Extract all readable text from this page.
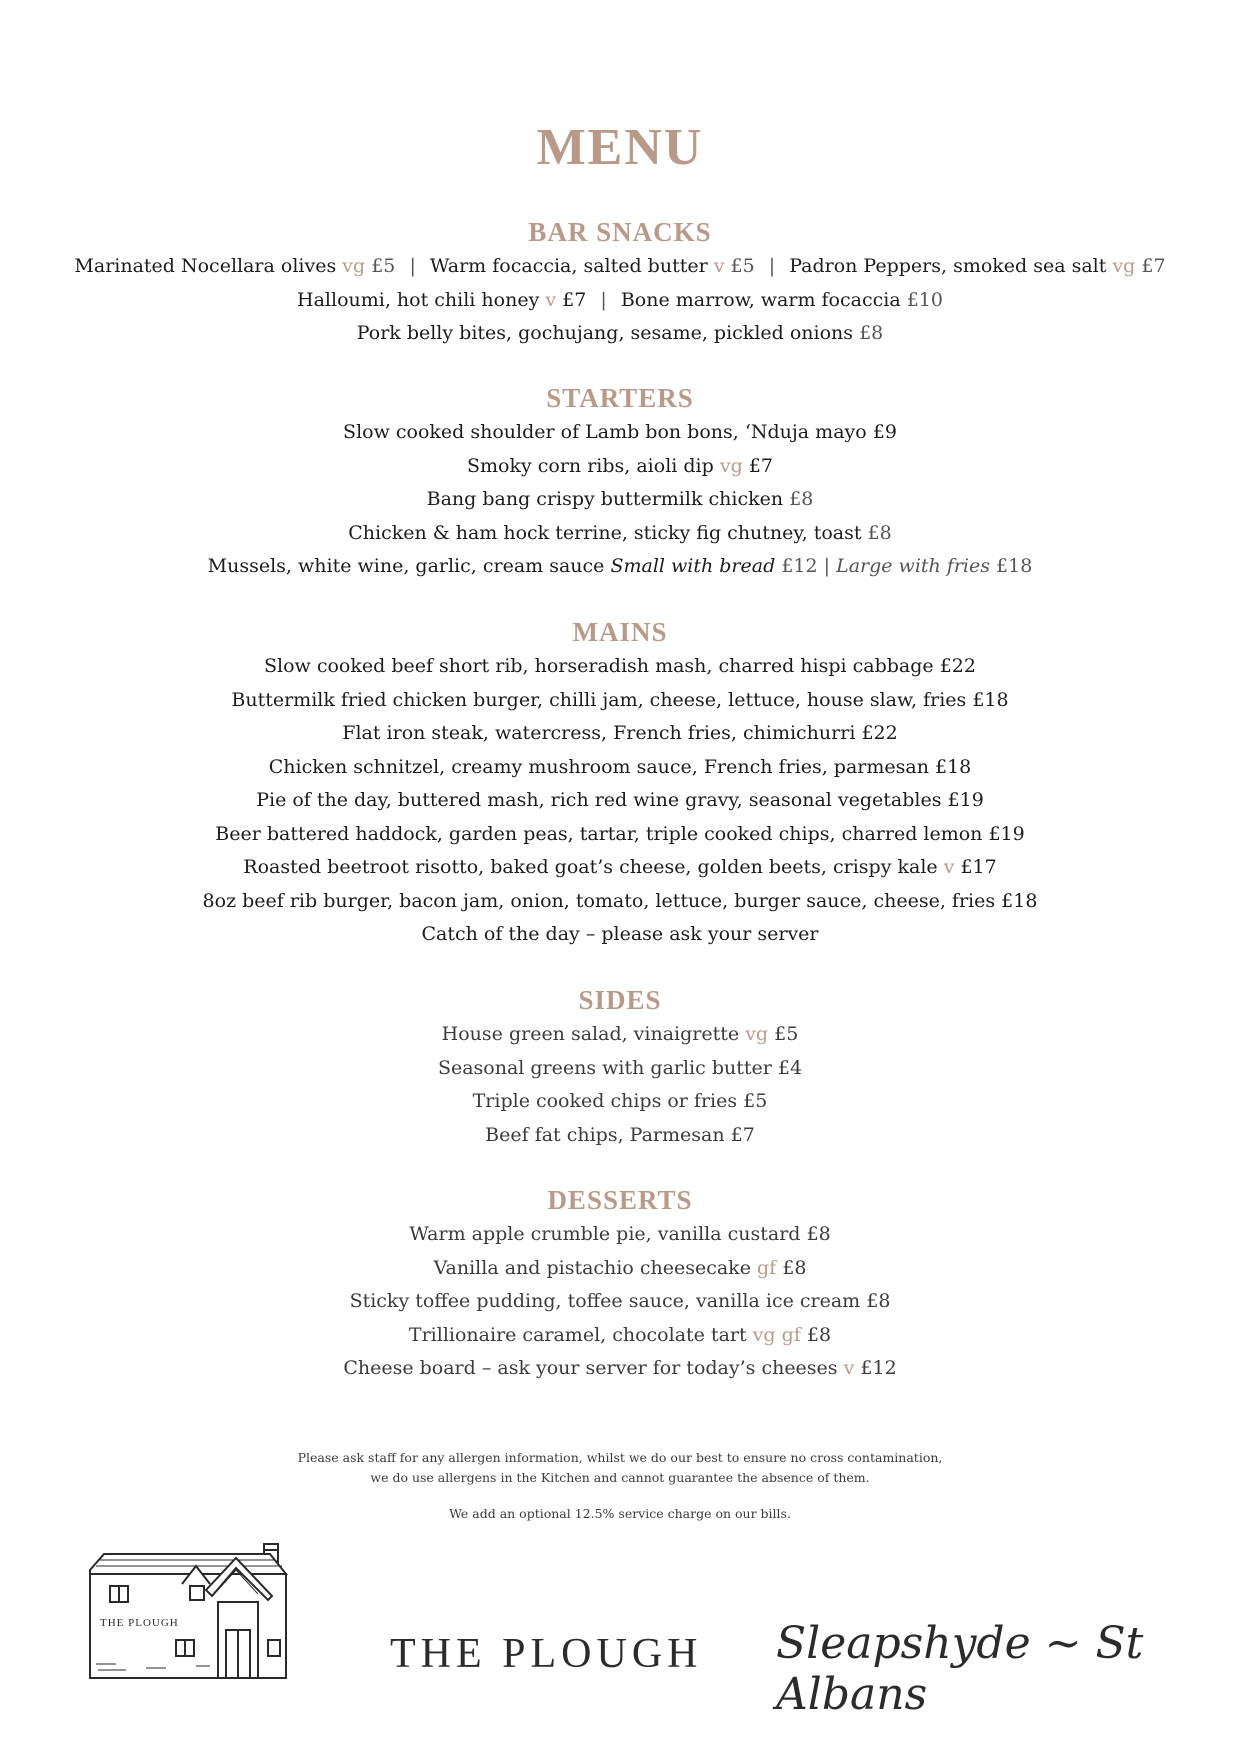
MENU
BAR SNACKS
Marinated Nocellara olives vg £5 | Warm focaccia, salted butter v £5 | Padron Peppers, smoked sea salt vg £7
Halloumi, hot chili honey v £7 | Bone marrow, warm focaccia £10
Pork belly bites, gochujang, sesame, pickled onions £8
STARTERS
Slow cooked shoulder of Lamb bon bons, ‘Nduja mayo £9
Smoky corn ribs, aioli dip vg £7
Bang bang crispy buttermilk chicken £8
Chicken & ham hock terrine, sticky fig chutney, toast £8
Mussels, white wine, garlic, cream sauce Small with bread £12 | Large with fries £18
MAINS
Slow cooked beef short rib, horseradish mash, charred hispi cabbage £22
Buttermilk fried chicken burger, chilli jam, cheese, lettuce, house slaw, fries £18
Flat iron steak, watercress, French fries, chimichurri £22
Chicken schnitzel, creamy mushroom sauce, French fries, parmesan £18
Pie of the day, buttered mash, rich red wine gravy, seasonal vegetables £19
Beer battered haddock, garden peas, tartar, triple cooked chips, charred lemon £19
Roasted beetroot risotto, baked goat’s cheese, golden beets, crispy kale v £17
8oz beef rib burger, bacon jam, onion, tomato, lettuce, burger sauce, cheese, fries £18
Catch of the day – please ask your server
SIDES
House green salad, vinaigrette vg £5
Seasonal greens with garlic butter £4
Triple cooked chips or fries £5
Beef fat chips, Parmesan £7
DESSERTS
Warm apple crumble pie, vanilla custard £8
Vanilla and pistachio cheesecake gf £8
Sticky toffee pudding, toffee sauce, vanilla ice cream £8
Trillionaire caramel, chocolate tart vg gf £8
Cheese board – ask your server for today’s cheeses v £12
Please ask staff for any allergen information, whilst we do our best to ensure no cross contamination,
we do use allergens in the Kitchen and cannot guarantee the absence of them.
We add an optional 12.5% service charge on our bills.
THE PLOUGH
THE PLOUGH Sleapshyde ~ St Albans
